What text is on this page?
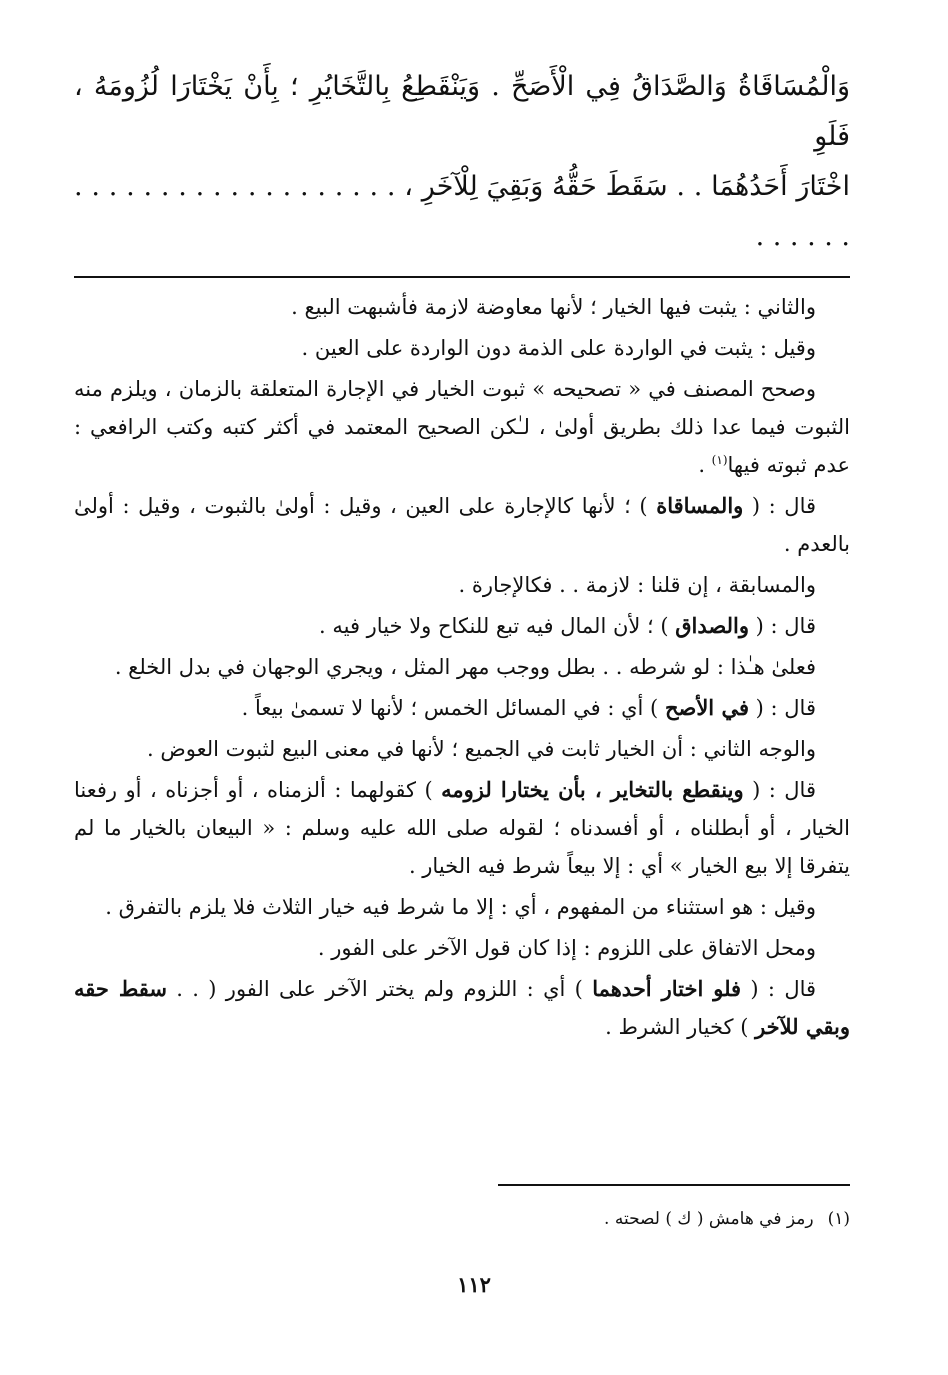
وَالْمُسَاقَاةُ وَالصَّدَاقُ فِي الْأَصَحِّ . وَيَنْقَطِعُ بِالتَّخَايُرِ ؛ بِأَنْ يَخْتَارَا لُزُومَهُ ، فَلَوِ
اخْتَارَ أَحَدُهُمَا . . سَقَطَ حَقُّهُ وَبَقِيَ لِلْآخَرِ ، . . . . . . . . . . . . . . . . . . . . . . . . .

والثاني : يثبت فيها الخيار ؛ لأنها معاوضة لازمة فأشبهت البيع .

وقيل : يثبت في الواردة على الذمة دون الواردة على العين .

وصحح المصنف في « تصحيحه » ثبوت الخيار في الإجارة المتعلقة بالزمان ، ويلزم منه الثبوت فيما عدا ذلك بطريق أولىٰ ، لـٰكن الصحيح المعتمد في أكثر كتبه وكتب الرافعي : عدم ثبوته فيها$^{(١)}$ .

قال : ( والمساقاة ) ؛ لأنها كالإجارة على العين ، وقيل : أولىٰ بالثبوت ، وقيل : أولىٰ بالعدم .

والمسابقة ، إن قلنا : لازمة . . فكالإجارة .

قال : ( والصداق ) ؛ لأن المال فيه تبع للنكاح ولا خيار فيه .

فعلىٰ هـٰذا : لو شرطه . . بطل ووجب مهر المثل ، ويجري الوجهان في بدل الخلع .

قال : ( في الأصح ) أي : في المسائل الخمس ؛ لأنها لا تسمىٰ بيعاً .

والوجه الثاني : أن الخيار ثابت في الجميع ؛ لأنها في معنى البيع لثبوت العوض .

قال : ( وينقطع بالتخاير ، بأن يختارا لزومه ) كقولهما : ألزمناه ، أو أجزناه ، أو رفعنا الخيار ، أو أبطلناه ، أو أفسدناه ؛ لقوله صلى الله عليه وسلم : « البيعان بالخيار ما لم يتفرقا إلا بيع الخيار » أي : إلا بيعاً شرط فيه الخيار .

وقيل : هو استثناء من المفهوم ، أي : إلا ما شرط فيه خيار الثلاث فلا يلزم بالتفرق .

ومحل الاتفاق على اللزوم : إذا كان قول الآخر على الفور .

قال : ( فلو اختار أحدهما ) أي : اللزوم ولم يختر الآخر على الفور ( . . سقط حقه وبقي للآخر ) كخيار الشرط .

(١)رمز في هامش ( ك ) لصحته .

١١٢
